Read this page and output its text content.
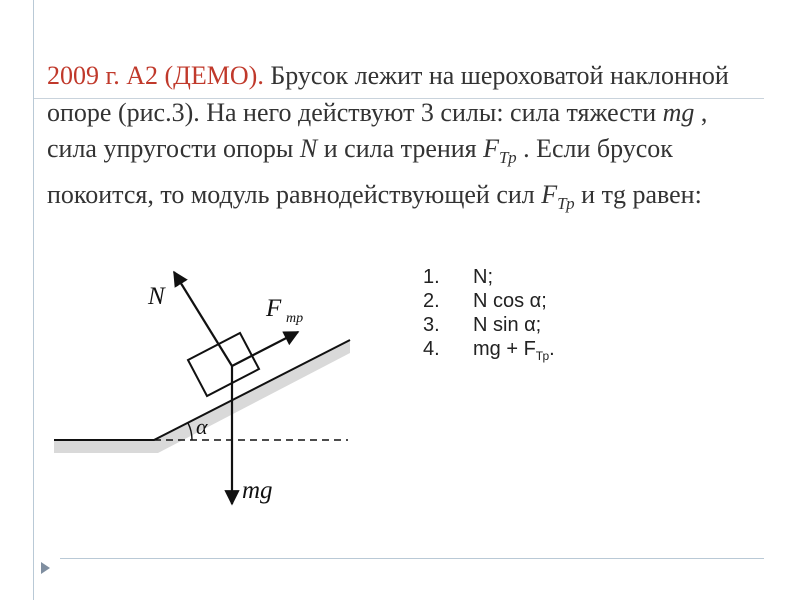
2009 г. А2 (ДЕМО). Брусок лежит на шероховатой наклонной опоре (рис.3). На него действуют 3 силы: сила тяжести mg , сила упругости опоры N и сила трения $F_{Тр}$ . Если брусок покоится, то модуль равнодействующей сил $F_{Тр}$ и тg равен:
α
N	F тр
mg
1.	N;
2.	N cos α;
3.	N sin α;
4.	mg + $F_{Тр}$.
